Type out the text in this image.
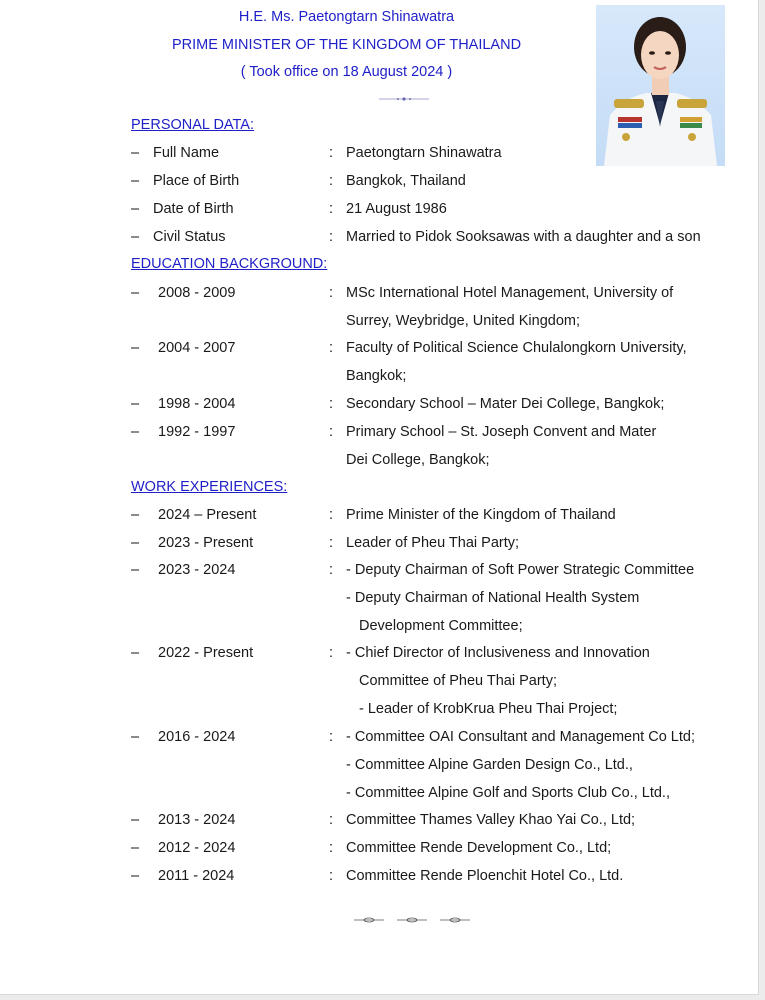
H.E. Ms. Paetongtarn Shinawatra
PRIME MINISTER OF THE KINGDOM OF THAILAND
( Took office on 18 August 2024 )
PERSONAL DATA:
– Full Name	: Paetongtarn Shinawatra
– Place of Birth	: Bangkok, Thailand
– Date of Birth	: 21 August 1986
– Civil Status	: Married to Pidok Sooksawas with a daughter and a son
EDUCATION BACKGROUND:
– 2008 - 2009	: MSc International Hotel Management, University of
Surrey, Weybridge, United Kingdom;
– 2004 - 2007	: Faculty of Political Science Chulalongkorn University,
Bangkok;
– 1998 - 2004	: Secondary School – Mater Dei College, Bangkok;
– 1992 - 1997	: Primary School – St. Joseph Convent and Mater
Dei College, Bangkok;
WORK EXPERIENCES:
– 2024 – Present	: Prime Minister of the Kingdom of Thailand
– 2023 - Present	: Leader of Pheu Thai Party;
– 2023 - 2024	: - Deputy Chairman of Soft Power Strategic Committee
- Deputy Chairman of National Health System
Development Committee;
– 2022 - Present	: - Chief Director of Inclusiveness and Innovation
Committee of Pheu Thai Party;
- Leader of KrobKrua Pheu Thai Project;
– 2016 - 2024	: - Committee OAI Consultant and Management Co Ltd;
- Committee Alpine Garden Design Co., Ltd.,
- Committee Alpine Golf and Sports Club Co., Ltd.,
– 2013 - 2024	: Committee Thames Valley Khao Yai Co., Ltd;
– 2012 - 2024	: Committee Rende Development Co., Ltd;
– 2011 - 2024	: Committee Rende Ploenchit Hotel Co., Ltd.
